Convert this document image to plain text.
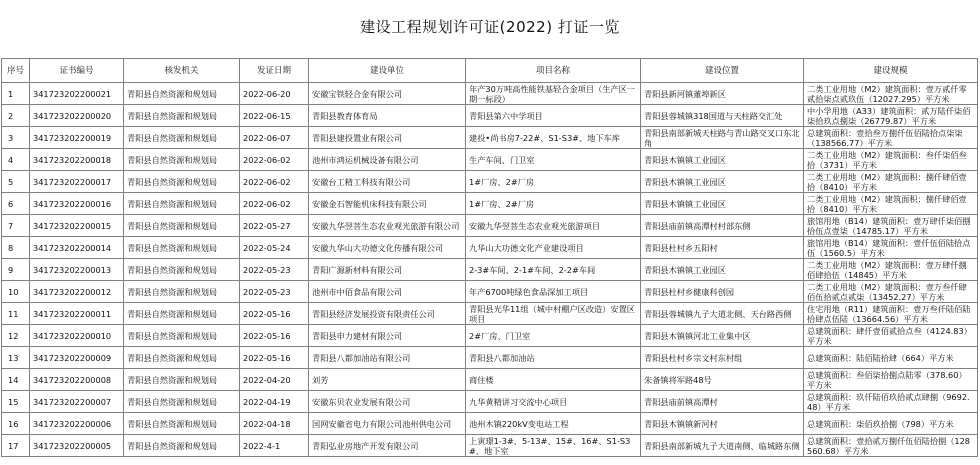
建设工程规划许可证(2022) 打证一览
序号	证书编号	核发机关	发证日期	建设单位	项目名称	建设位置	建设规模

1	341723202200021	青阳县自然资源和规划局	2022-06-20	安徽宝铁轻合金有限公司	年产30万吨高性能铁基轻合金项目（生产区一期一标段）	青阳县新河镇董埠新区	二类工业用地（M2）建筑面积：壹万贰仟零贰拾柒点贰玖伍（12027.295）平方米

2	341723202200020	青阳县自然资源和规划局	2022-06-15	青阳县教育体育局	青阳县第六中学项目	青阳县蓉城镇318国道与天柱路交汇处	中小学用地（A33）建筑面积：贰万陆仟柒佰柒拾玖点捌柒（26779.87）平方米

3	341723202200019	青阳县自然资源和规划局	2022-06-07	青阳县建投置业有限公司	建投•尚书房7-22#、S1-S3#、地下车库	青阳县南部新城天柱路与青山路交叉口东北角	总建筑面积：壹拾叁万捌仟伍佰陆拾点柒柒（138566.77）平方米

4	341723202200018	青阳县自然资源和规划局	2022-06-02	池州市鸿运机械设备有限公司	生产车间、门卫室	青阳县木镇镇工业园区	二类工业用地（M2）建筑面积：叁仟柒佰叁拾（3731）平方米

5	341723202200017	青阳县自然资源和规划局	2022-06-02	安徽台工精工科技有限公司	1#厂房、2#厂房	青阳县木镇镇工业园区	二类工业用地（M2）建筑面积：捌仟肆佰壹拾（8410）平方米

6	341723202200016	青阳县自然资源和规划局	2022-06-02	安徽金石智能机床科技有限公司	1#厂房、2#厂房	青阳县木镇镇工业园区	二类工业用地（M2）建筑面积：捌仟肆佰壹拾（8410）平方米

7	341723202200015	青阳县自然资源和规划局	2022-05-27	安徽九华翌菩生态农业观光旅游有限公司	安徽九华翌菩生态农业观光旅游项目	青阳县庙前镇高潭村村部东侧	旅馆用地（B14）建筑面积：壹万肆仟柒佰捌拾伍点壹柒（14785.17）平方米

8	341723202200014	青阳县自然资源和规划局	2022-05-24	安徽九华山大功德文化传播有限公司	九华山大功德文化产业建设项目	青阳县杜村乡五阳村	旅馆用地（B14）建筑面积：壹仟伍佰陆拾点伍（1560.5）平方米

9	341723202200013	青阳县自然资源和规划局	2022-05-23	青阳广源新材料有限公司	2-3#车间、2-1#车间、2-2#车间	青阳县木镇镇工业园区	二类工业用地（M2）建筑面积：壹万肆仟捌佰肆拾伍（14845）平方米

10	341723202200012	青阳县自然资源和规划局	2022-05-23	池州市中佰食品有限公司	年产6700吨绿色食品深加工项目	青阳县杜村乡健康科创园	二类工业用地（M2）建筑面积：壹万叁仟肆佰伍拾贰点贰柒（13452.27）平方米

11	341723202200011	青阳县自然资源和规划局	2022-05-16	青阳县经济发展投资有限责任公司	青阳县光华11组（城中村棚户区改造）安置区项目	青阳县蓉城镇九子大道北侧、天台路西侧	住宅用地（R11）建筑面积：壹万叁仟陆佰陆拾肆点伍陆（13664.56）平方米

12	341723202200010	青阳县自然资源和规划局	2022-05-16	青阳县申力建材有限公司	2#厂房、门卫室	青阳县木镇镇河北工业集中区	总建筑面积：肆仟壹佰贰拾点叁（4124.83）平方米

13	341723202200009	青阳县自然资源和规划局	2022-05-16	青阳县八都加油站有限公司	青阳县八都加油站	青阳县杜村乡宗文村东村组	总建筑面积：陆佰陆拾肆（664）平方米

14	341723202200008	青阳县自然资源和规划局	2022-04-20	刘芳	商住楼	朱备镇将军路48号	总建筑面积：叁佰柒拾捌点陆零（378.60）平方米

15	341723202200007	青阳县自然资源和规划局	2022-04-19	安徽东贝农业发展有限公司	九华黄精讲习交流中心项目	青阳县庙前镇高潭村	总建筑面积：玖仟陆佰玖拾贰点肆捌（9692.48）平方米

16	341723202200006	青阳县自然资源和规划局	2022-04-18	国网安徽省电力有限公司池州供电公司	池州木镇220kV变电站工程	青阳县木镇镇新河村	总建筑面积：柒佰玖拾捌（798）平方米

17	341723202200005	青阳县自然资源和规划局	2022-4-1	青阳弘业房地产开发有限公司	上寅璟1-3#、5-13#、15#、16#、S1-S3#、地下室	青阳县南部新城九子大道南侧、临城路东侧	总建筑面积：壹拾贰万捌仟伍佰陆拾捌（128560.68）平方米
